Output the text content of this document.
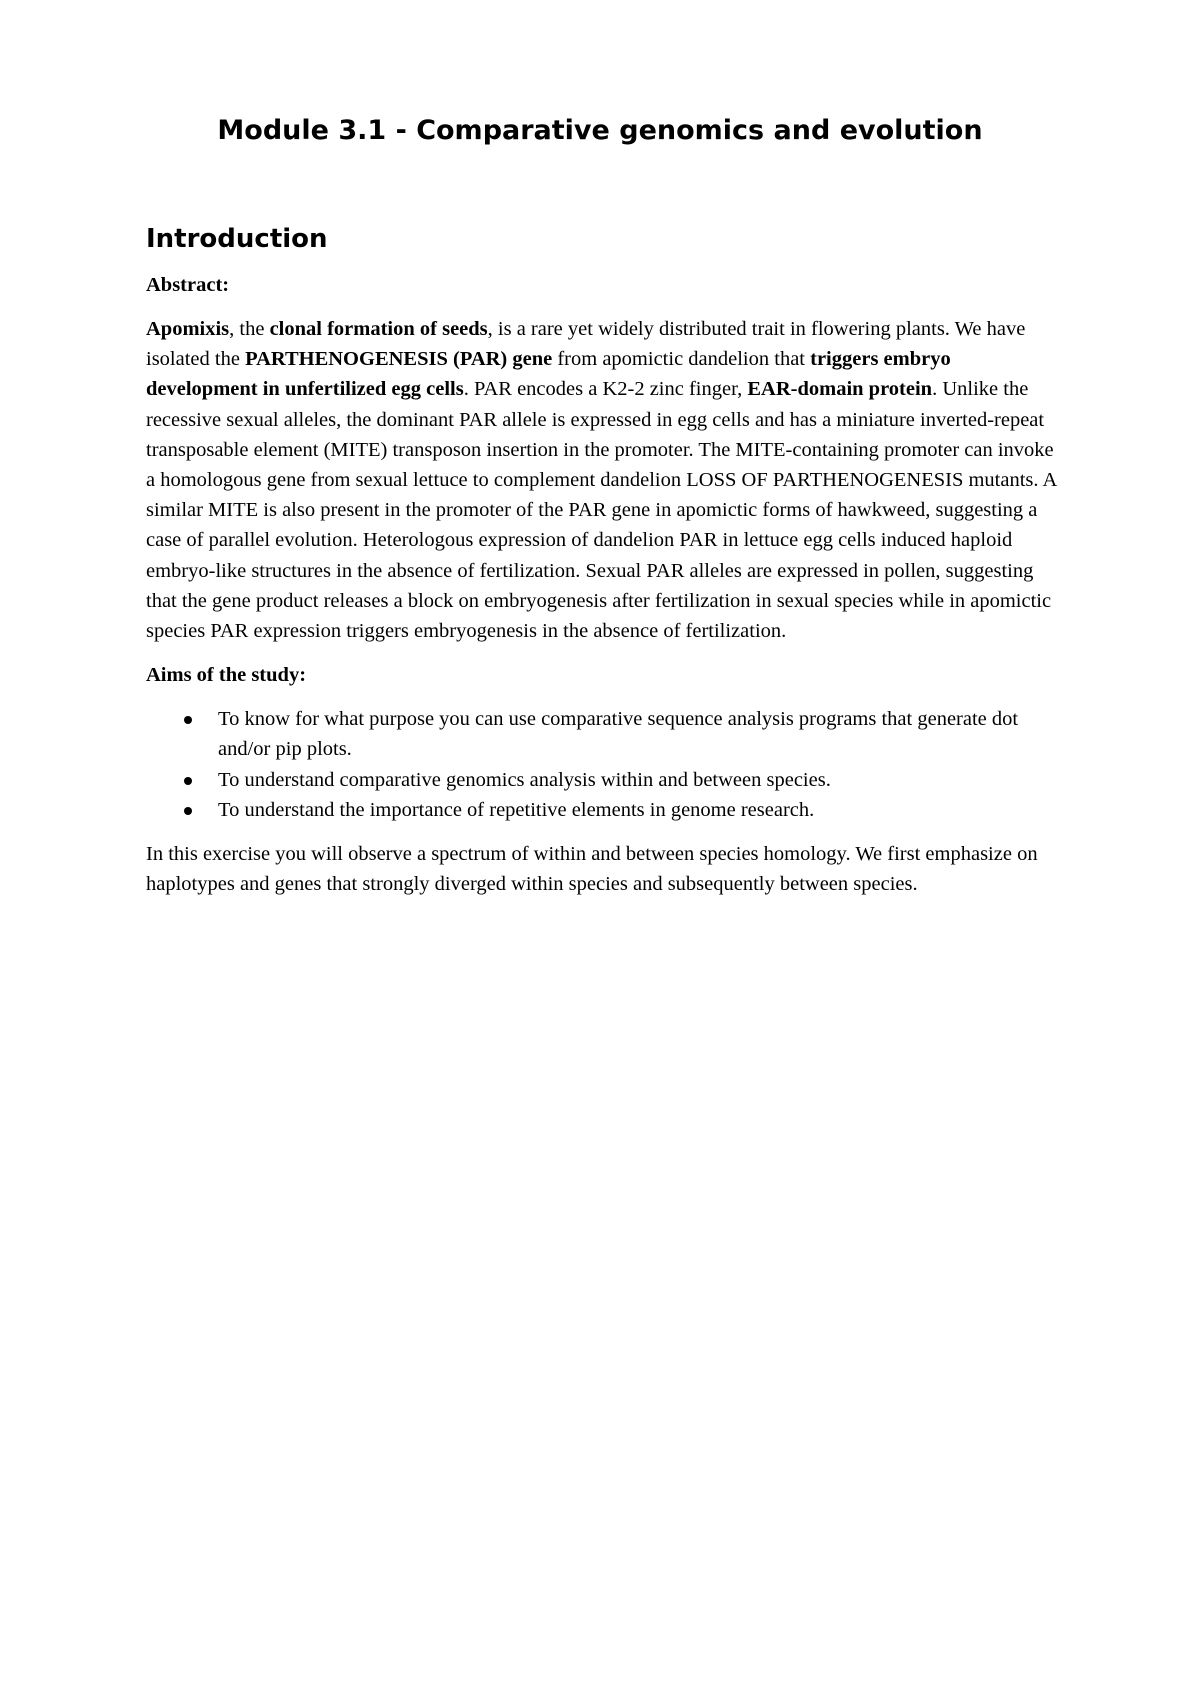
Module 3.1 - Comparative genomics and evolution
Introduction

Abstract:

Apomixis, the clonal formation of seeds, is a rare yet widely distributed trait in flowering plants. We have isolated the PARTHENOGENESIS (PAR) gene from apomictic dandelion that triggers embryo development in unfertilized egg cells. PAR encodes a K2-2 zinc finger, EAR-domain protein. Unlike the recessive sexual alleles, the dominant PAR allele is expressed in egg cells and has a miniature inverted-repeat transposable element (MITE) transposon insertion in the promoter. The MITE-containing promoter can invoke a homologous gene from sexual lettuce to complement dandelion LOSS OF PARTHENOGENESIS mutants. A similar MITE is also present in the promoter of the PAR gene in apomictic forms of hawkweed, suggesting a case of parallel evolution. Heterologous expression of dandelion PAR in lettuce egg cells induced haploid embryo-like structures in the absence of fertilization. Sexual PAR alleles are expressed in pollen, suggesting that the gene product releases a block on embryogenesis after fertilization in sexual species while in apomictic species PAR expression triggers embryogenesis in the absence of fertilization.

Aims of the study:

To know for what purpose you can use comparative sequence analysis programs that generate dot and/or pip plots.
To understand comparative genomics analysis within and between species.
To understand the importance of repetitive elements in genome research.

In this exercise you will observe a spectrum of within and between species homology. We first emphasize on haplotypes and genes that strongly diverged within species and subsequently between species.
